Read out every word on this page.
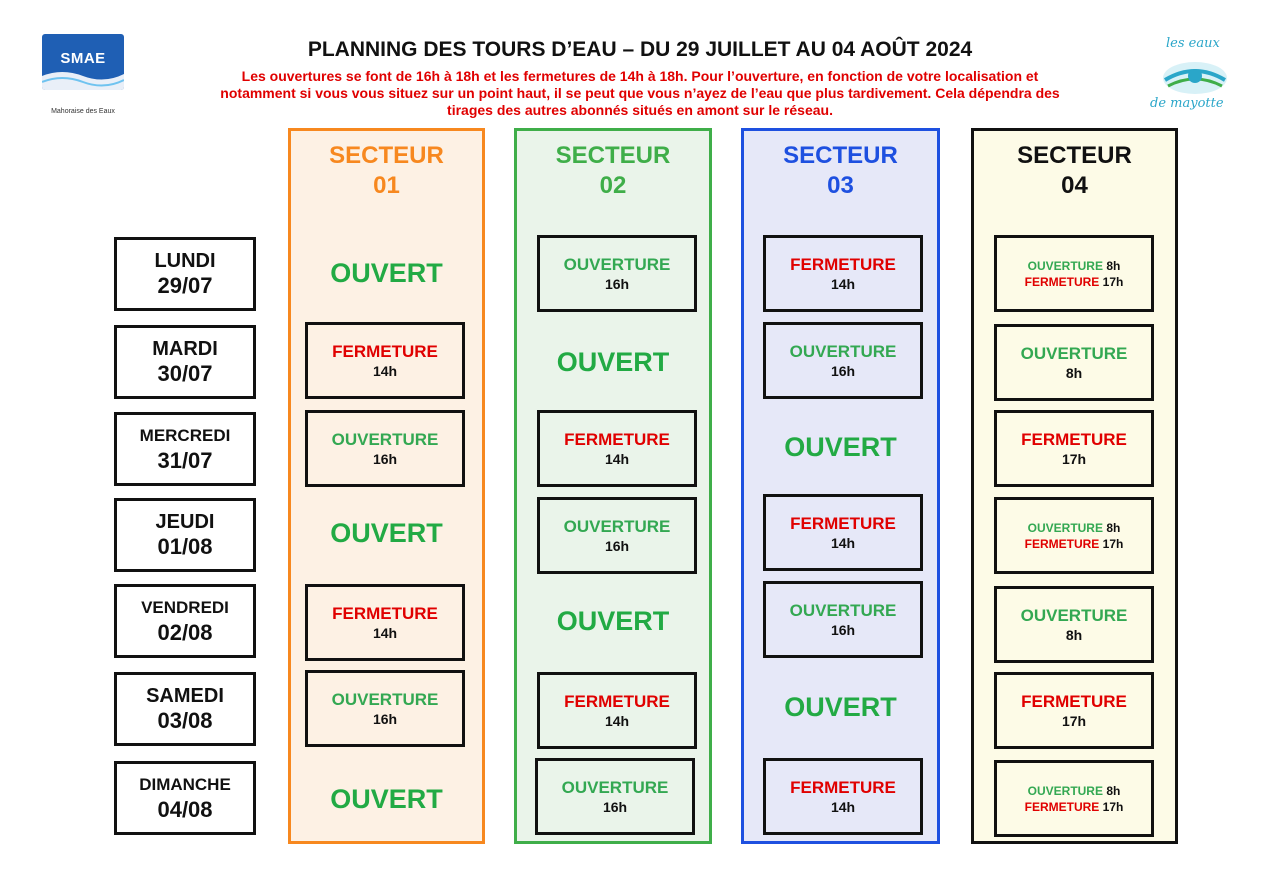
SMAE
Mahoraise des Eaux
les eaux
de mayotte
PLANNING DES TOURS D’EAU – DU 29 JUILLET AU 04 AOÛT 2024
Les ouvertures se font de 16h à 18h et les fermetures de 14h à 18h. Pour l’ouverture, en fonction de votre localisation et
notamment si vous vous situez sur un point haut, il se peut que vous n’ayez de l’eau que plus tardivement. Cela dépendra des
tirages des autres abonnés situés en amont sur le réseau.
SECTEUR
01
SECTEUR
02
SECTEUR
03
SECTEUR
04
LUNDI
29/07
MARDI
30/07
MERCREDI
31/07
JEUDI
01/08
VENDREDI
02/08
SAMEDI
03/08
DIMANCHE
04/08
OUVERT
FERMETURE
14h
OUVERTURE
16h
OUVERT
FERMETURE
14h
OUVERTURE
16h
OUVERT
OUVERTURE
16h
OUVERT
FERMETURE
14h
OUVERTURE
16h
OUVERT
FERMETURE
14h
OUVERTURE
16h
FERMETURE
14h
OUVERTURE
16h
OUVERT
FERMETURE
14h
OUVERTURE
16h
OUVERT
FERMETURE
14h
OUVERTURE 8h
FERMETURE 17h
OUVERTURE
8h
FERMETURE
17h
OUVERTURE 8h
FERMETURE 17h
OUVERTURE
8h
FERMETURE
17h
OUVERTURE 8h
FERMETURE 17h
